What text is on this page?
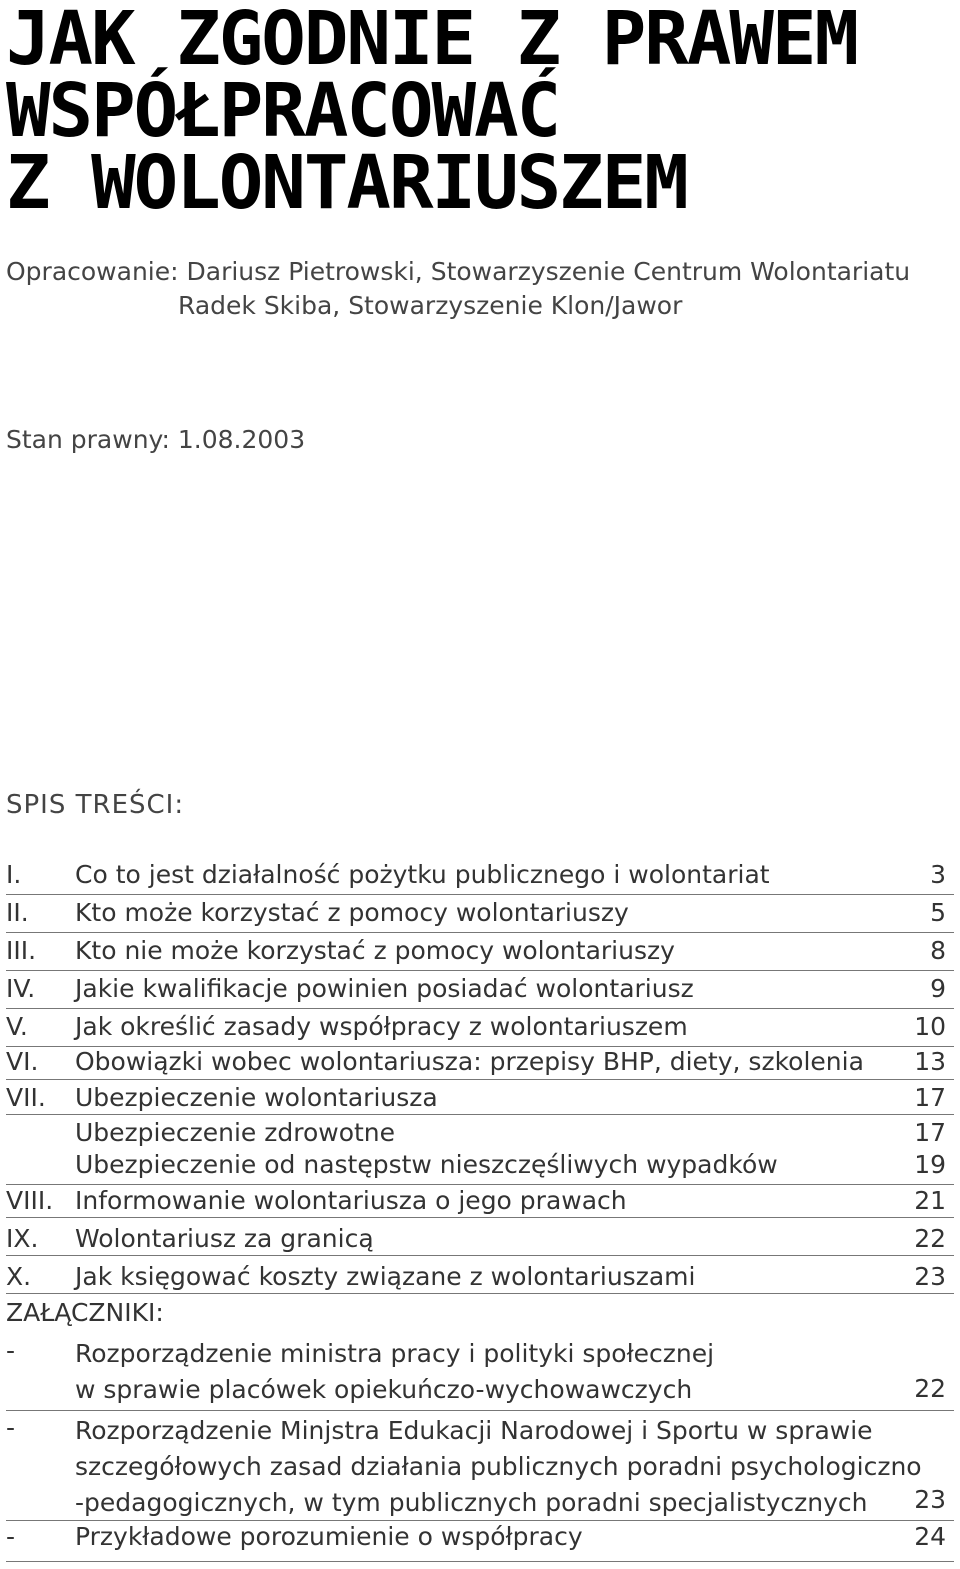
JAK ZGODNIE Z PRAWEM
WSPÓŁPRACOWAĆ
Z WOLONTARIUSZEM
Opracowanie: Dariusz Pietrowski, Stowarzyszenie Centrum Wolontariatu
Radek Skiba, Stowarzyszenie Klon/Jawor
Stan prawny: 1.08.2003
SPIS TREŚCI:
I. Co to jest działalność pożytku publicznego i wolontariat	3
II. Kto może korzystać z pomocy wolontariuszy	5
III. Kto nie może korzystać z pomocy wolontariuszy	8
IV. Jakie kwalifikacje powinien posiadać wolontariusz	9
V. Jak określić zasady współpracy z wolontariuszem	10
VI. Obowiązki wobec wolontariusza: przepisy BHP, diety, szkolenia 13
VII. Ubezpieczenie wolontariusza	17
Ubezpieczenie zdrowotne	17
Ubezpieczenie od następstw nieszczęśliwych wypadków	19
VIII. Informowanie wolontariusza o jego prawach	21
IX. Wolontariusz za granicą	22
X. Jak księgować koszty związane z wolontariuszami	23
ZAŁĄCZNIKI:
- Rozporządzenie ministra pracy i polityki społecznej
w sprawie placówek opiekuńczo-wychowawczych	22
- Rozporządzenie Minjstra Edukacji Narodowej i Sportu w sprawie
szczegółowych zasad działania publicznych poradni psychologiczno
-pedagogicznych, w tym publicznych poradni specjalistycznych	23
- Przykładowe porozumienie o współpracy	24
